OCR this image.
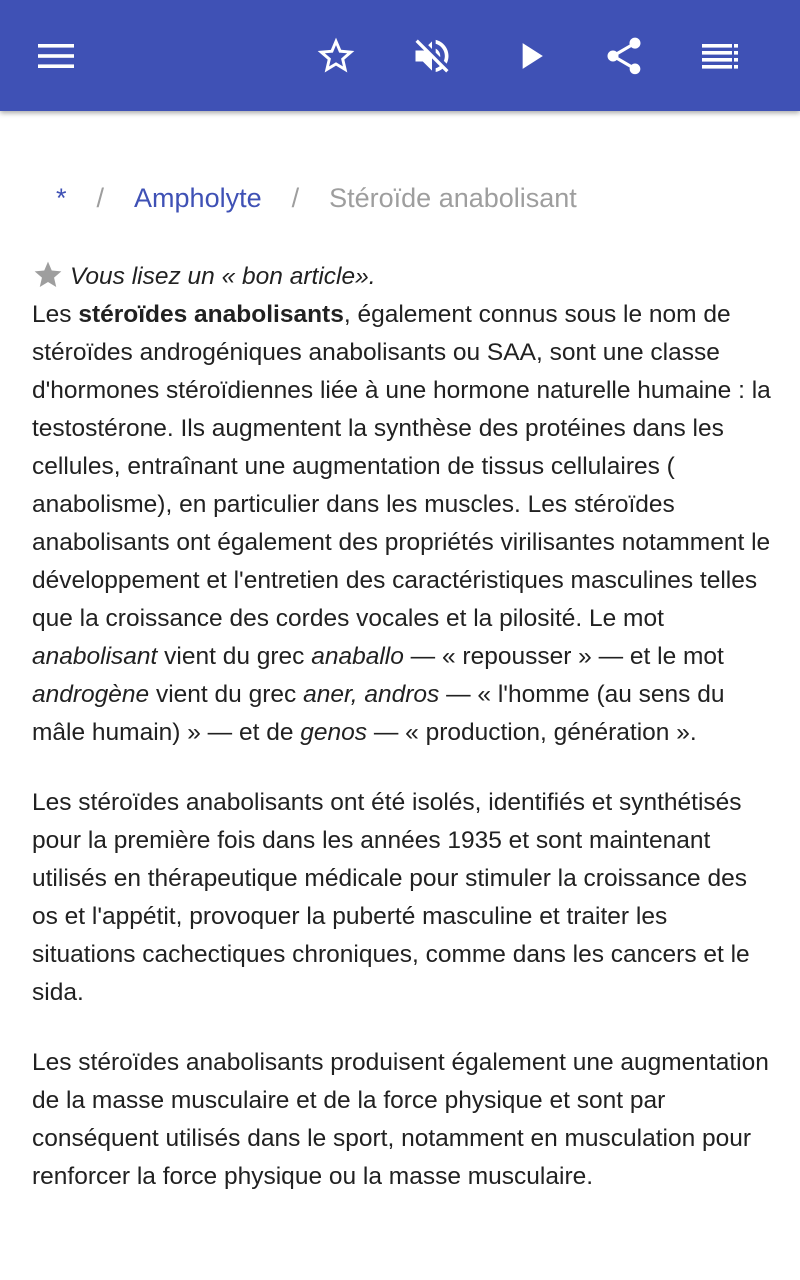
* / Ampholyte / Stéroïde anabolisant
Vous lisez un « bon article».

Les stéroïdes anabolisants, également connus sous le nom de stéroïdes androgéniques anabolisants ou SAA, sont une classe d'hormones stéroïdiennes liée à une hormone naturelle humaine : la testostérone. Ils augmentent la synthèse des protéines dans les cellules, entraînant une augmentation de tissus cellulaires ( anabolisme), en particulier dans les muscles. Les stéroïdes anabolisants ont également des propriétés virilisantes notamment le développement et l'entretien des caractéristiques masculines telles que la croissance des cordes vocales et la pilosité. Le mot anabolisant vient du grec anaballo — « repousser » — et le mot androgène vient du grec aner, andros — « l'homme (au sens du mâle humain) » — et de genos — « production, génération ».

Les stéroïdes anabolisants ont été isolés, identifiés et synthétisés pour la première fois dans les années 1935 et sont maintenant utilisés en thérapeutique médicale pour stimuler la croissance des os et l'appétit, provoquer la puberté masculine et traiter les situations cachectiques chroniques, comme dans les cancers et le sida.

Les stéroïdes anabolisants produisent également une augmentation de la masse musculaire et de la force physique et sont par conséquent utilisés dans le sport, notamment en musculation pour renforcer la force physique ou la masse musculaire.
